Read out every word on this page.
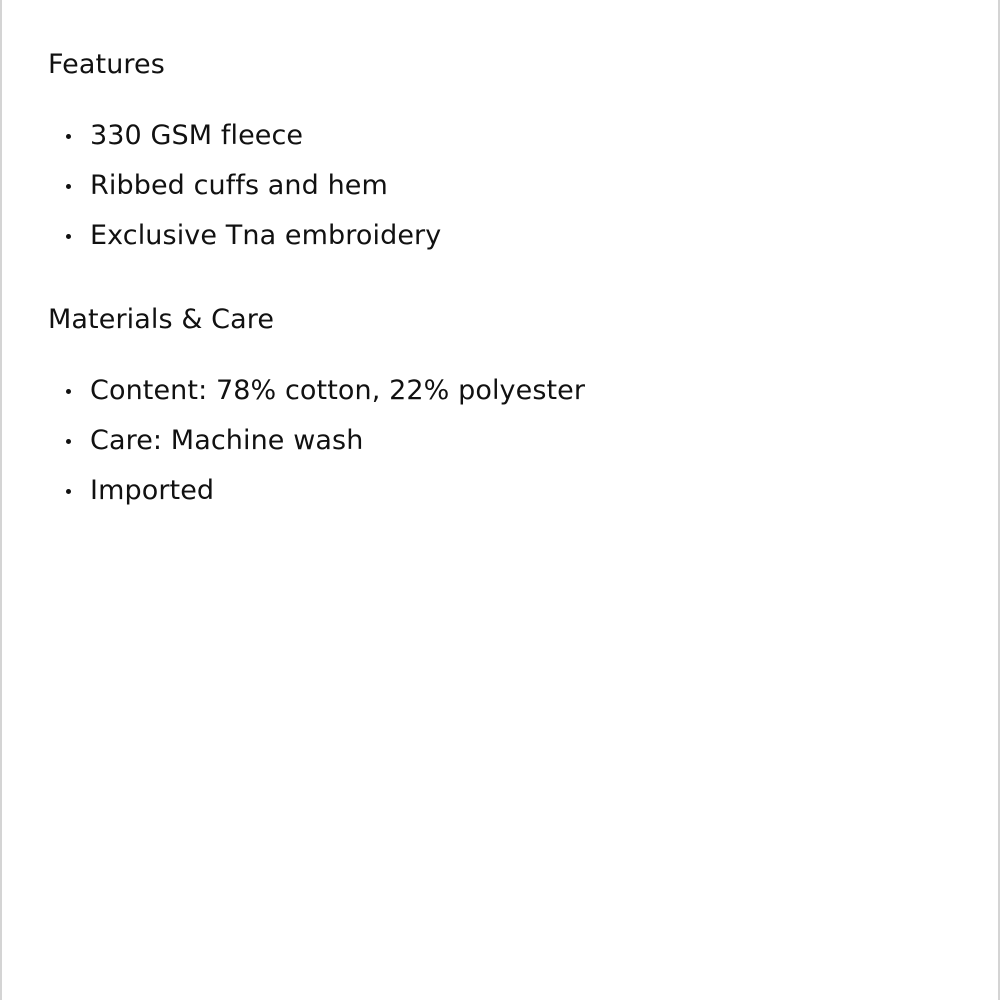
Features
330 GSM fleece
Ribbed cuffs and hem
Exclusive Tna embroidery
Materials & Care
Content: 78% cotton, 22% polyester
Care: Machine wash
Imported
